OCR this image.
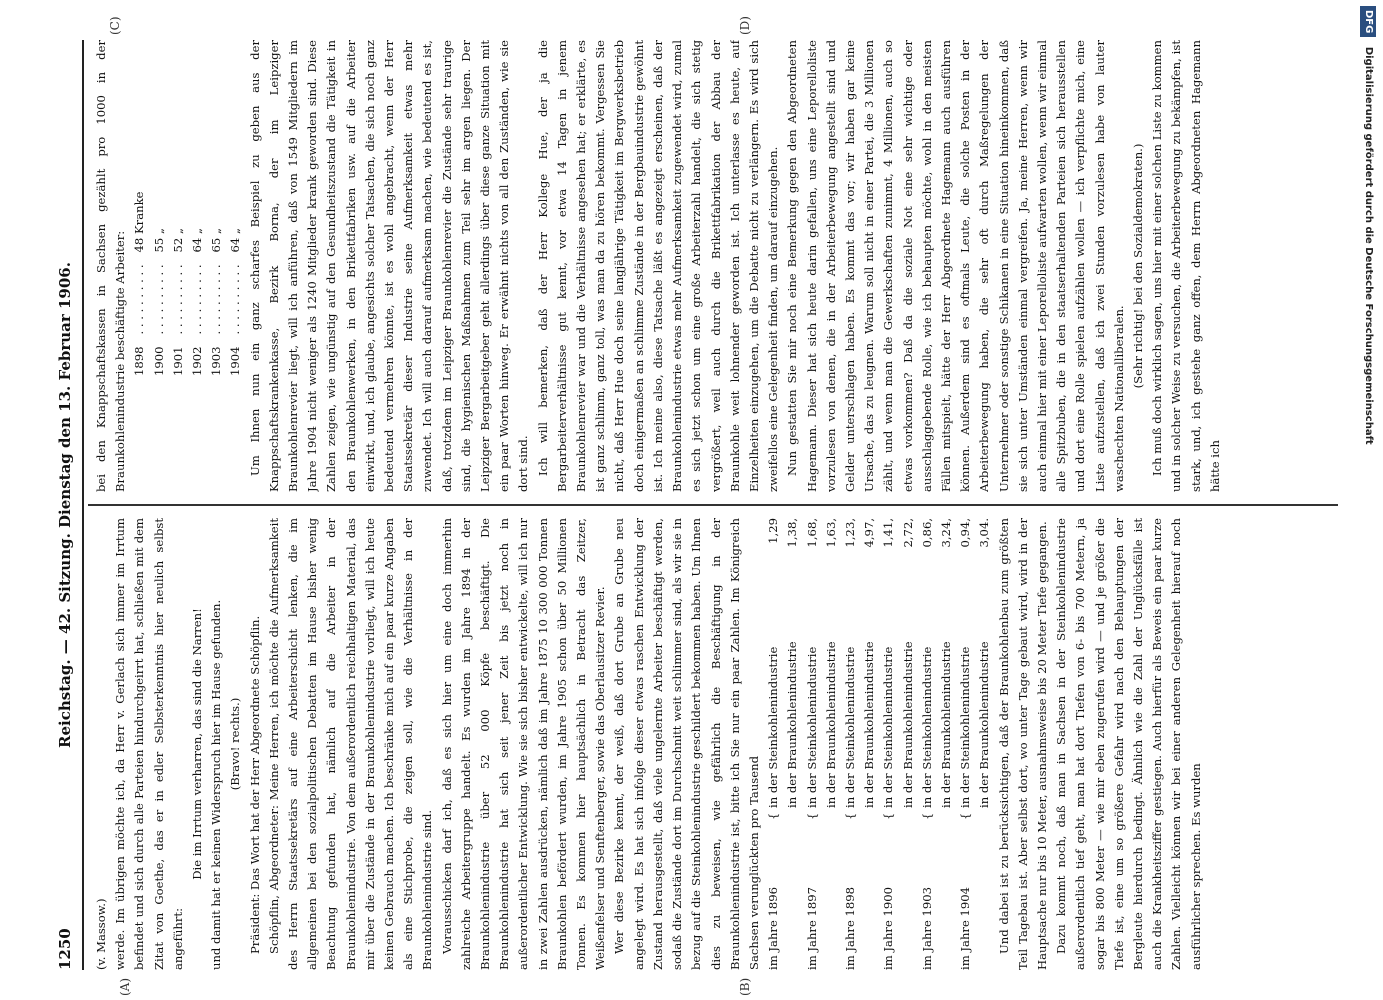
1250
Reichstag. — 42. Sitzung. Dienstag den 13. Februar 1906.
(A)	(B)
(C)	(D)

(v. Massow.) werde. Im übrigen möchte ich, da Herr v. Gerlach sich immer im Irrtum befindet und sich durch alle Parteien hindurchgeirrt hat, schließen mit dem Zitat von Goethe, das er in edler Selbsterkenntnis hier neulich selbst angeführt:

Die im Irrtum verharren, das sind die Narren! und damit hat er keinen Widerspruch hier im Hause gefunden. (Bravo! rechts.) Präsident: Das Wort hat der Herr Abgeordnete Schöpflin. Schöpflin, Abgeordneter: Meine Herren, ich möchte die Aufmerksamkeit des Herrn Staatssekretärs auf eine Arbeiterschicht lenken, die im allgemeinen bei den sozialpolitischen Debatten im Hause bisher wenig Beachtung gefunden hat, nämlich auf die Arbeiter in der Braunkohlenindustrie. Von dem außerordentlich reichhaltigen Material, das mir über die Zustände in der Braunkohlenindustrie vorliegt, will ich heute keinen Gebrauch machen. Ich beschränke mich auf ein paar kurze Angaben als eine Stichprobe, die zeigen soll, wie die Verhältnisse in der Braunkohlenindustrie sind. Vorausschicken darf ich, daß es sich hier um eine doch immerhin zahlreiche Arbeitergruppe handelt. Es wurden im Jahre 1894 in der Braunkohlenindustrie über 52 000 Köpfe beschäftigt. Die Braunkohlenindustrie hat sich seit jener Zeit bis jetzt noch in außerordentlicher Entwicklung. Wie sie sich bisher entwickelte, will ich nur in zwei Zahlen ausdrücken, nämlich daß im Jahre 1875 10 300 000 Tonnen Braunkohlen befördert wurden, im Jahre 1905 schon über 50 Millionen Tonnen. Es kommen hier hauptsächlich in Betracht das Zeitzer, Weißenfelser und Senftenberger, sowie das Oberlausitzer Revier. Wer diese Bezirke kennt, der weiß, daß dort Grube an Grube neu angelegt wird. Es hat sich infolge dieser etwas raschen Entwicklung der Zustand herausgestellt, daß viele ungelernte Arbeiter beschäftigt werden, sodaß die Zustände dort im Durchschnitt weit schlimmer sind, als wir sie in bezug auf die Steinkohlenindustrie geschildert bekommen haben. Um Ihnen dies zu beweisen, wie gefährlich die Beschäftigung in der Braunkohlenindustrie ist, bitte ich Sie nur ein paar Zahlen. Im Königreich Sachsen verunglückten pro Tausend im Jahre 1896	{	in der Steinkohlenindustrie	1,29
		in der Braunkohlenindustrie	1,38,
im Jahre 1897	{	in der Steinkohlenindustrie	1,68,
		in der Braunkohlenindustrie	1,63,
im Jahre 1898	{	in der Steinkohlenindustrie	1,23,
		in der Braunkohlenindustrie	4,97,
im Jahre 1900	{	in der Steinkohlenindustrie	1,41,
		in der Braunkohlenindustrie	2,72,
im Jahre 1903	{	in der Steinkohlenindustrie	0,86,
		in der Braunkohlenindustrie	3,24,
im Jahre 1904	{	in der Steinkohlenindustrie	0,94,
		in der Braunkohlenindustrie	3,04. Und dabei ist zu berücksichtigen, daß der Braunkohlenbau zum größten Teil Tagebau ist. Aber selbst dort, wo unter Tage gebaut wird, wird in der Hauptsache nur bis 10 Meter, ausnahmsweise bis 20 Meter Tiefe gegangen. Dazu kommt noch, daß man in Sachsen in der Steinkohlenindustrie außerordentlich tief geht, man hat dort Tiefen von 6- bis 700 Metern, ja sogar bis 800 Meter — wie mir eben zugerufen wird — und je größer die Tiefe ist, eine um so größere Gefahr wird nach den Behauptungen der Bergleute hierdurch bedingt. Ähnlich wie die Zahl der Unglücksfälle ist auch die Krankheitsziffer gestiegen. Auch hierfür als Beweis ein paar kurze Zahlen. Vielleicht können wir bei einer anderen Gelegenheit hierauf noch ausführlicher sprechen. Es wurden

bei den Knappschaftskassen in Sachsen gezählt pro 1000 in der Braunkohlenindustrie beschäftigte Arbeiter: 1898	. . . . . . . . . .	48 Kranke
1900	. . . . . . . . . .	55 „
1901	. . . . . . . . . .	52 „
1902	. . . . . . . . . .	64 „
1903	. . . . . . . . . .	65 „
1904	. . . . . . . . . .	64 „ Um Ihnen nun ein ganz scharfes Beispiel zu geben aus der Knappschaftskrankenkasse, Bezirk Borna, der im Leipziger Braunkohlenrevier liegt, will ich anführen, daß von 1549 Mitgliedern im Jahre 1904 nicht weniger als 1240 Mitglieder krank geworden sind. Diese Zahlen zeigen, wie ungünstig auf den Gesundheitszustand die Tätigkeit in den Braunkohlenwerken, in den Brikettfabriken usw. auf die Arbeiter einwirkt, und, ich glaube, angesichts solcher Tatsachen, die sich noch ganz bedeutend vermehren könnte, ist es wohl angebracht, wenn der Herr Staatssekretär dieser Industrie seine Aufmerksamkeit etwas mehr zuwendet. Ich will auch darauf aufmerksam machen, wie bedeutend es ist, daß, trotzdem im Leipziger Braunkohlenrevier die Zustände sehr traurige sind, die hygienischen Maßnahmen zum Teil sehr im argen liegen. Der Leipziger Bergarbeitgeber geht allerdings über diese ganze Situation mit ein paar Worten hinweg. Er erwähnt nichts von all den Zuständen, wie sie dort sind. Ich will bemerken, daß der Herr Kollege Hue, der ja die Bergarbeiterverhältnisse gut kennt, vor etwa 14 Tagen in jenem Braunkohlenrevier war und die Verhältnisse angesehen hat; er erklärte, es ist ganz schlimm, ganz toll, was man da zu hören bekommt. Vergessen Sie nicht, daß Herr Hue doch seine langjährige Tätigkeit im Bergwerksbetrieb doch einigermaßen an schlimme Zustände in der Bergbauindustrie gewöhnt ist. Ich meine also, diese Tatsache läßt es angezeigt erscheinen, daß der Braunkohlenindustrie etwas mehr Aufmerksamkeit zugewendet wird, zumal es sich jetzt schon um eine große Arbeiterzahl handelt, die sich stetig vergrößert, weil auch durch die Brikettfabrikation der Abbau der Braunkohle weit lohnender geworden ist. Ich unterlasse es heute, auf Einzelheiten einzugehen, um die Debatte nicht zu verlängern. Es wird sich zweifellos eine Gelegenheit finden, um darauf einzugehen. Nun gestatten Sie mir noch eine Bemerkung gegen den Abgeordneten Hagemann. Dieser hat sich heute darin gefallen, uns eine Leporelloliste vorzulesen von denen, die in der Arbeiterbewegung angestellt sind und Gelder unterschlagen haben. Es kommt das vor; wir haben gar keine Ursache, das zu leugnen. Warum soll nicht in einer Partei, die 3 Millionen zählt, und wenn man die Gewerkschaften zunimmt, 4 Millionen, auch so etwas vorkommen? Daß da die soziale Not eine sehr wichtige oder ausschlaggebende Rolle, wie ich behaupten möchte, wohl in den meisten Fällen mitspielt, hätte der Herr Abgeordnete Hagemann auch ausführen können. Außerdem sind es oftmals Leute, die solche Posten in der Arbeiterbewegung haben, die sehr oft durch Maßregelungen der Unternehmer oder sonstige Schikanen in eine Situation hineinkommen, daß sie sich unter Umständen einmal vergreifen. Ja, meine Herren, wenn wir auch einmal hier mit einer Leporelloliste aufwarten wollen, wenn wir einmal alle Spitzbuben, die in den staatserhaltenden Parteien sich herausstellen und dort eine Rolle spielen aufzählen wollen — ich verpflichte mich, eine Liste aufzustellen, daß ich zwei Stunden vorzulesen habe von lauter waschechten Nationalliberalen.

(Sehr richtig! bei den Sozialdemokraten.) Ich muß doch wirklich sagen, uns hier mit einer solchen Liste zu kommen und in solcher Weise zu versuchen, die Arbeiterbewegung zu bekämpfen, ist stark, und, ich gestehe ganz offen, dem Herrn Abgeordneten Hagemann hätte ich

DFG Digitalisierung gefördert durch die Deutsche Forschungsgemeinschaft
